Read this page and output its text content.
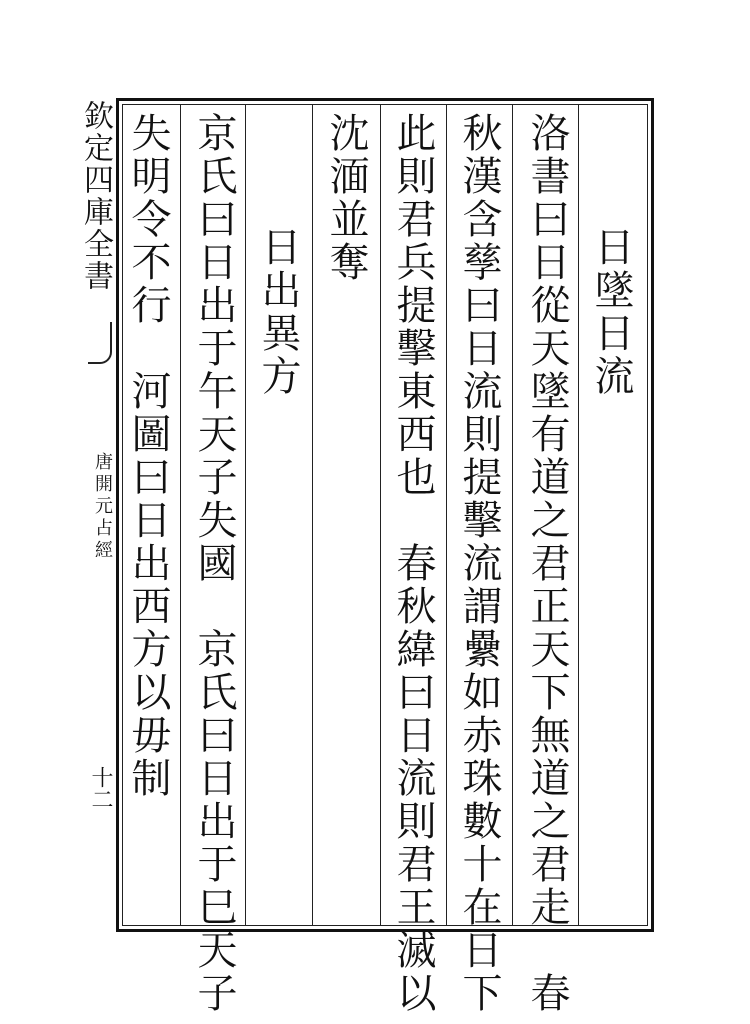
欽定四庫全書
唐開元占經
十二
日墜日流
洛書曰日從天墜有道之君正天下無道之君走　春
秋漢含孳曰日流則提擊流謂纍如赤珠數十在日下
此則君兵提擊東西也　春秋緯曰日流則君王滅以
沈湎並奪
日出異方
京氏曰日出于午天子失國　京氏曰日出于巳天子
失明令不行　河圖曰日出西方以毋制
